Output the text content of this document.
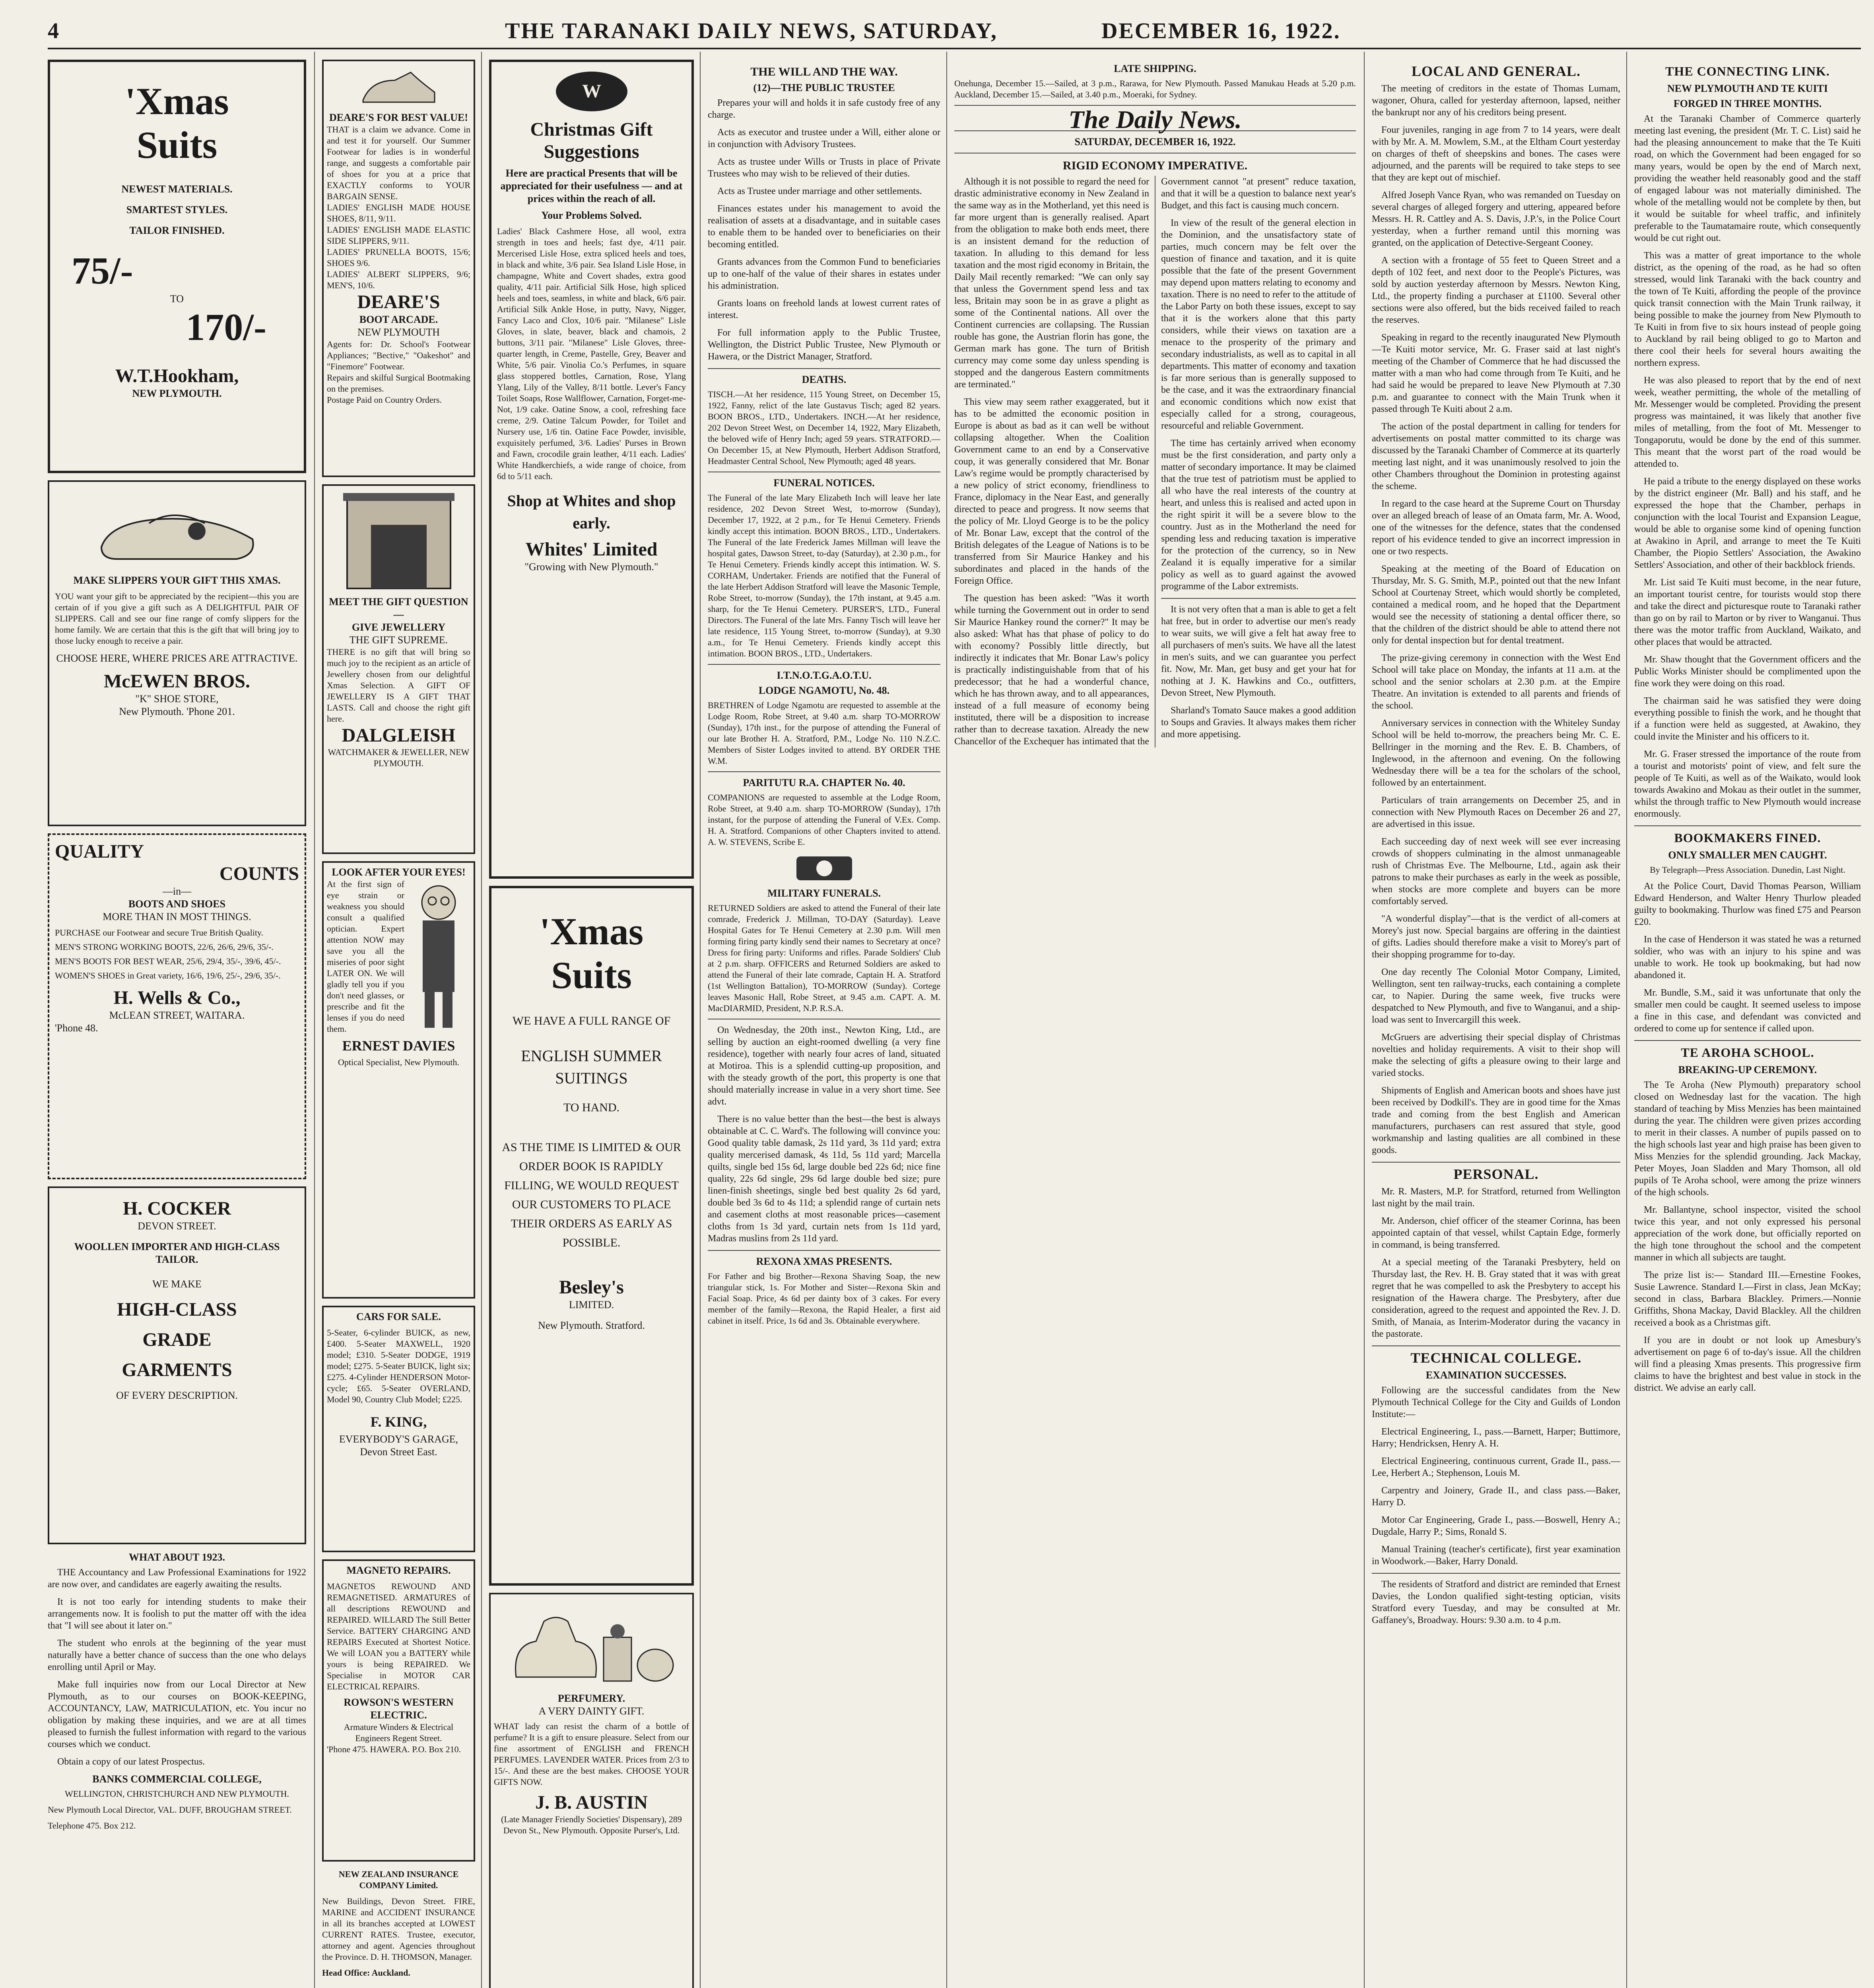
4	THE TARANAKI DAILY NEWS, SATURDAY,	DECEMBER 16, 1922.
'Xmas
Suits
NEWEST MATERIALS.
SMARTEST STYLES.
TAILOR FINISHED.
75/-
TO
170/-
W.T.Hookham,
NEW PLYMOUTH.
MAKE SLIPPERS YOUR GIFT THIS XMAS.
YOU want your gift to be appreciated by the recipient—this you are certain of if you give a gift such as A DELIGHTFUL PAIR OF SLIPPERS. Call and see our fine range of comfy slippers for the home family. We are certain that this is the gift that will bring joy to those lucky enough to receive a pair.
CHOOSE HERE, WHERE PRICES ARE ATTRACTIVE.
McEWEN BROS.
"K" SHOE STORE,
New Plymouth. 'Phone 201.
QUALITY
COUNTS
—in—
BOOTS AND SHOES
MORE THAN IN MOST THINGS.
PURCHASE our Footwear and secure True British Quality.
MEN'S STRONG WORKING BOOTS, 22/6, 26/6, 29/6, 35/-.
MEN'S BOOTS FOR BEST WEAR, 25/6, 29/4, 35/-, 39/6, 45/-.
WOMEN'S SHOES in Great variety, 16/6, 19/6, 25/-, 29/6, 35/-.
H. Wells & Co.,
McLEAN STREET, WAITARA.
'Phone 48.
H. COCKER
DEVON STREET.
WOOLLEN IMPORTER AND HIGH-CLASS TAILOR.
WE MAKE
HIGH-CLASS
GRADE
GARMENTS
OF EVERY DESCRIPTION.
WHAT ABOUT 1923.

THE Accountancy and Law Professional Examinations for 1922 are now over, and candidates are eagerly awaiting the results.

It is not too early for intending students to make their arrangements now. It is foolish to put the matter off with the idea that "I will see about it later on."

The student who enrols at the beginning of the year must naturally have a better chance of success than the one who delays enrolling until April or May.

Make full inquiries now from our Local Director at New Plymouth, as to our courses on BOOK-KEEPING, ACCOUNTANCY, LAW, MATRICULATION, etc. You incur no obligation by making these inquiries, and we are at all times pleased to furnish the fullest information with regard to the various courses which we conduct.

Obtain a copy of our latest Prospectus.

BANKS COMMERCIAL COLLEGE,
WELLINGTON, CHRISTCHURCH AND NEW PLYMOUTH.
New Plymouth Local Director, VAL. DUFF, BROUGHAM STREET.
Telephone 475. Box 212.
DEARE'S FOR BEST VALUE!
THAT is a claim we advance. Come in and test it for yourself. Our Summer Footwear for ladies is in wonderful range, and suggests a comfortable pair of shoes for you at a price that EXACTLY conforms to YOUR BARGAIN SENSE.
LADIES' ENGLISH MADE HOUSE SHOES, 8/11, 9/11.
LADIES' ENGLISH MADE ELASTIC SIDE SLIPPERS, 9/11.
LADIES' PRUNELLA BOOTS, 15/6; SHOES 9/6.
LADIES' ALBERT SLIPPERS, 9/6; MEN'S, 10/6.
DEARE'S
BOOT ARCADE.
NEW PLYMOUTH
Agents for: Dr. School's Footwear Appliances; "Bective," "Oakeshot" and "Finemore" Footwear.
Repairs and skilful Surgical Bootmaking on the premises.
Postage Paid on Country Orders.
MEET THE GIFT QUESTION—
GIVE JEWELLERY
THE GIFT SUPREME.
THERE is no gift that will bring so much joy to the recipient as an article of Jewellery chosen from our delightful Xmas Selection. A GIFT OF JEWELLERY IS A GIFT THAT LASTS. Call and choose the right gift here.
DALGLEISH
WATCHMAKER & JEWELLER, NEW PLYMOUTH.
LOOK AFTER YOUR EYES!
At the first sign of eye strain or weakness you should consult a qualified optician. Expert attention NOW may save you all the miseries of poor sight LATER ON. We will gladly tell you if you don't need glasses, or prescribe and fit the lenses if you do need them.
ERNEST DAVIES
Optical Specialist, New Plymouth.
CARS FOR SALE.
5-Seater, 6-cylinder BUICK, as new, £400. 5-Seater MAXWELL, 1920 model; £310. 5-Seater DODGE, 1919 model; £275. 5-Seater BUICK, light six; £275. 4-Cylinder HENDERSON Motor-cycle; £65. 5-Seater OVERLAND, Model 90, Country Club Model; £225.
F. KING,
EVERYBODY'S GARAGE,
Devon Street East.
MAGNETO REPAIRS.
MAGNETOS REWOUND AND REMAGNETISED. ARMATURES of all descriptions REWOUND and REPAIRED. WILLARD The Still Better Service. BATTERY CHARGING AND REPAIRS Executed at Shortest Notice. We will LOAN you a BATTERY while yours is being REPAIRED. We Specialise in MOTOR CAR ELECTRICAL REPAIRS.
ROWSON'S WESTERN ELECTRIC.
Armature Winders & Electrical Engineers Regent Street.
'Phone 475. HAWERA. P.O. Box 210.
NEW ZEALAND INSURANCE COMPANY Limited.
New Buildings, Devon Street. FIRE, MARINE and ACCIDENT INSURANCE in all its branches accepted at LOWEST CURRENT RATES. Trustee, executor, attorney and agent. Agencies throughout the Province. D. H. THOMSON, Manager.
Head Office: Auckland.
W
Christmas Gift Suggestions
Here are practical Presents that will be appreciated for their usefulness — and at prices within the reach of all.
Your Problems Solved.
Ladies' Black Cashmere Hose, all wool, extra strength in toes and heels; fast dye, 4/11 pair. Mercerised Lisle Hose, extra spliced heels and toes, in black and white, 3/6 pair. Sea Island Lisle Hose, in champagne, White and Covert shades, extra good quality, 4/11 pair. Artificial Silk Hose, high spliced heels and toes, seamless, in white and black, 6/6 pair. Artificial Silk Ankle Hose, in putty, Navy, Nigger, Fancy Laco and Clox, 10/6 pair. "Milanese" Lisle Gloves, in slate, beaver, black and chamois, 2 buttons, 3/11 pair. "Milanese" Lisle Gloves, three-quarter length, in Creme, Pastelle, Grey, Beaver and White, 5/6 pair. Vinolia Co.'s Perfumes, in square glass stoppered bottles, Carnation, Rose, Ylang Ylang, Lily of the Valley, 8/11 bottle. Lever's Fancy Toilet Soaps, Rose Wallflower, Carnation, Forget-me-Not, 1/9 cake. Oatine Snow, a cool, refreshing face creme, 2/9. Oatine Talcum Powder, for Toilet and Nursery use, 1/6 tin. Oatine Face Powder, invisible, exquisitely perfumed, 3/6. Ladies' Purses in Brown and Fawn, crocodile grain leather, 4/11 each. Ladies' White Handkerchiefs, a wide range of choice, from 6d to 5/11 each.
Shop at Whites and shop early.
Whites' Limited
"Growing with New Plymouth."
'Xmas
Suits
WE HAVE A FULL RANGE OF
ENGLISH SUMMER SUITINGS
TO HAND.
AS THE TIME IS LIMITED & OUR ORDER BOOK IS RAPIDLY FILLING, WE WOULD REQUEST OUR CUSTOMERS TO PLACE THEIR ORDERS AS EARLY AS POSSIBLE.
Besley's
LIMITED.
New Plymouth. Stratford.
PERFUMERY.
A VERY DAINTY GIFT.
WHAT lady can resist the charm of a bottle of perfume? It is a gift to ensure pleasure. Select from our fine assortment of ENGLISH and FRENCH PERFUMES. LAVENDER WATER. Prices from 2/3 to 15/-. And these are the best makes. CHOOSE YOUR GIFTS NOW.
J. B. AUSTIN
(Late Manager Friendly Societies' Dispensary), 289 Devon St., New Plymouth. Opposite Purser's, Ltd.
THE WILL AND THE WAY.
(12)—THE PUBLIC TRUSTEE

Prepares your will and holds it in safe custody free of any charge.

Acts as executor and trustee under a Will, either alone or in conjunction with Advisory Trustees.

Acts as trustee under Wills or Trusts in place of Private Trustees who may wish to be relieved of their duties.

Acts as Trustee under marriage and other settlements.

Finances estates under his management to avoid the realisation of assets at a disadvantage, and in suitable cases to enable them to be handed over to beneficiaries on their becoming entitled.

Grants advances from the Common Fund to beneficiaries up to one-half of the value of their shares in estates under his administration.

Grants loans on freehold lands at lowest current rates of interest.

For full information apply to the Public Trustee, Wellington, the District Public Trustee, New Plymouth or Hawera, or the District Manager, Stratford.

DEATHS.
TISCH.—At her residence, 115 Young Street, on December 15, 1922, Fanny, relict of the late Gustavus Tisch; aged 82 years. BOON BROS., LTD., Undertakers. INCH.—At her residence, 202 Devon Street West, on December 14, 1922, Mary Elizabeth, the beloved wife of Henry Inch; aged 59 years. STRATFORD.—On December 15, at New Plymouth, Herbert Addison Stratford, Headmaster Central School, New Plymouth; aged 48 years.
FUNERAL NOTICES.
The Funeral of the late Mary Elizabeth Inch will leave her late residence, 202 Devon Street West, to-morrow (Sunday), December 17, 1922, at 2 p.m., for Te Henui Cemetery. Friends kindly accept this intimation. BOON BROS., LTD., Undertakers. The Funeral of the late Frederick James Millman will leave the hospital gates, Dawson Street, to-day (Saturday), at 2.30 p.m., for Te Henui Cemetery. Friends kindly accept this intimation. W. S. CORHAM, Undertaker. Friends are notified that the Funeral of the late Herbert Addison Stratford will leave the Masonic Temple, Robe Street, to-morrow (Sunday), the 17th instant, at 9.45 a.m. sharp, for the Te Henui Cemetery. PURSER'S, LTD., Funeral Directors. The Funeral of the late Mrs. Fanny Tisch will leave her late residence, 115 Young Street, to-morrow (Sunday), at 9.30 a.m., for Te Henui Cemetery. Friends kindly accept this intimation. BOON BROS., LTD., Undertakers.
I.T.N.O.T.G.A.O.T.U.
LODGE NGAMOTU, No. 48.
BRETHREN of Lodge Ngamotu are requested to assemble at the Lodge Room, Robe Street, at 9.40 a.m. sharp TO-MORROW (Sunday), 17th inst., for the purpose of attending the Funeral of our late Brother H. A. Stratford, P.M., Lodge No. 110 N.Z.C. Members of Sister Lodges invited to attend. BY ORDER THE W.M.
PARITUTU R.A. CHAPTER No. 40.
COMPANIONS are requested to assemble at the Lodge Room, Robe Street, at 9.40 a.m. sharp TO-MORROW (Sunday), 17th instant, for the purpose of attending the Funeral of V.Ex. Comp. H. A. Stratford. Companions of other Chapters invited to attend. A. W. STEVENS, Scribe E.
MILITARY FUNERALS.
RETURNED Soldiers are asked to attend the Funeral of their late comrade, Frederick J. Millman, TO-DAY (Saturday). Leave Hospital Gates for Te Henui Cemetery at 2.30 p.m. Will men forming firing party kindly send their names to Secretary at once? Dress for firing party: Uniforms and rifles. Parade Soldiers' Club at 2 p.m. sharp. OFFICERS and Returned Soldiers are asked to attend the Funeral of their late comrade, Captain H. A. Stratford (1st Wellington Battalion), TO-MORROW (Sunday). Cortege leaves Masonic Hall, Robe Street, at 9.45 a.m. CAPT. A. M. MacDIARMID, President, N.P. R.S.A.

On Wednesday, the 20th inst., Newton King, Ltd., are selling by auction an eight-roomed dwelling (a very fine residence), together with nearly four acres of land, situated at Motiroa. This is a splendid cutting-up proposition, and with the steady growth of the port, this property is one that should materially increase in value in a very short time. See advt.

There is no value better than the best—the best is always obtainable at C. C. Ward's. The following will convince you: Good quality table damask, 2s 11d yard, 3s 11d yard; extra quality mercerised damask, 4s 11d, 5s 11d yard; Marcella quilts, single bed 15s 6d, large double bed 22s 6d; nice fine quality, 22s 6d single, 29s 6d large double bed size; pure linen-finish sheetings, single bed best quality 2s 6d yard, double bed 3s 6d to 4s 11d; a splendid range of curtain nets and casement cloths at most reasonable prices—casement cloths from 1s 3d yard, curtain nets from 1s 11d yard, Madras muslins from 2s 11d yard.

REXONA XMAS PRESENTS.
For Father and big Brother—Rexona Shaving Soap, the new triangular stick, 1s. For Mother and Sister—Rexona Skin and Facial Soap. Price, 4s 6d per dainty box of 3 cakes. For every member of the family—Rexona, the Rapid Healer, a first aid cabinet in itself. Price, 1s 6d and 3s. Obtainable everywhere.
LATE SHIPPING.
Onehunga, December 15.—Sailed, at 3 p.m., Rarawa, for New Plymouth. Passed Manukau Heads at 5.20 p.m. Auckland, December 15.—Sailed, at 3.40 p.m., Moeraki, for Sydney.
The Daily News.
SATURDAY, DECEMBER 16, 1922.
RIGID ECONOMY IMPERATIVE.

Although it is not possible to regard the need for drastic administrative economy in New Zealand in the same way as in the Motherland, yet this need is far more urgent than is generally realised. Apart from the obligation to make both ends meet, there is an insistent demand for the reduction of taxation. In alluding to this demand for less taxation and the most rigid economy in Britain, the Daily Mail recently remarked: "We can only say that unless the Government spend less and tax less, Britain may soon be in as grave a plight as some of the Continental nations. All over the Continent currencies are collapsing. The Russian rouble has gone, the Austrian florin has gone, the German mark has gone. The turn of British currency may come some day unless spending is stopped and the dangerous Eastern commitments are terminated."

This view may seem rather exaggerated, but it has to be admitted the economic position in Europe is about as bad as it can well be without collapsing altogether. When the Coalition Government came to an end by a Conservative coup, it was generally considered that Mr. Bonar Law's regime would be promptly characterised by a new policy of strict economy, friendliness to France, diplomacy in the Near East, and generally directed to peace and progress. It now seems that the policy of Mr. Lloyd George is to be the policy of Mr. Bonar Law, except that the control of the British delegates of the League of Nations is to be transferred from Sir Maurice Hankey and his subordinates and placed in the hands of the Foreign Office.

The question has been asked: "Was it worth while turning the Government out in order to send Sir Maurice Hankey round the corner?" It may be also asked: What has that phase of policy to do with economy? Possibly little directly, but indirectly it indicates that Mr. Bonar Law's policy is practically indistinguishable from that of his predecessor; that he had a wonderful chance, which he has thrown away, and to all appearances, instead of a full measure of economy being instituted, there will be a disposition to increase rather than to decrease taxation. Already the new Chancellor of the Exchequer has intimated that the Government cannot "at present" reduce taxation, and that it will be a question to balance next year's Budget, and this fact is causing much concern.

In view of the result of the general election in the Dominion, and the unsatisfactory state of parties, much concern may be felt over the question of finance and taxation, and it is quite possible that the fate of the present Government may depend upon matters relating to economy and taxation. There is no need to refer to the attitude of the Labor Party on both these issues, except to say that it is the workers alone that this party considers, while their views on taxation are a menace to the prosperity of the primary and secondary industrialists, as well as to capital in all departments. This matter of economy and taxation is far more serious than is generally supposed to be the case, and it was the extraordinary financial and economic conditions which now exist that especially called for a strong, courageous, resourceful and reliable Government.

The time has certainly arrived when economy must be the first consideration, and party only a matter of secondary importance. It may be claimed that the true test of patriotism must be applied to all who have the real interests of the country at heart, and unless this is realised and acted upon in the right spirit it will be a severe blow to the country. Just as in the Motherland the need for spending less and reducing taxation is imperative for the protection of the currency, so in New Zealand it is equally imperative for a similar policy as well as to guard against the avowed programme of the Labor extremists.

It is not very often that a man is able to get a felt hat free, but in order to advertise our men's ready to wear suits, we will give a felt hat away free to all purchasers of men's suits. We have all the latest in men's suits, and we can guarantee you perfect fit. Now, Mr. Man, get busy and get your hat for nothing at J. K. Hawkins and Co., outfitters, Devon Street, New Plymouth.

Sharland's Tomato Sauce makes a good addition to Soups and Gravies. It always makes them richer and more appetising.

LOCAL AND GENERAL.

The meeting of creditors in the estate of Thomas Lumam, wagoner, Ohura, called for yesterday afternoon, lapsed, neither the bankrupt nor any of his creditors being present.

Four juveniles, ranging in age from 7 to 14 years, were dealt with by Mr. A. M. Mowlem, S.M., at the Eltham Court yesterday on charges of theft of sheepskins and bones. The cases were adjourned, and the parents will be required to take steps to see that they are kept out of mischief.

Alfred Joseph Vance Ryan, who was remanded on Tuesday on several charges of alleged forgery and uttering, appeared before Messrs. H. R. Cattley and A. S. Davis, J.P.'s, in the Police Court yesterday, when a further remand until this morning was granted, on the application of Detective-Sergeant Cooney.

A section with a frontage of 55 feet to Queen Street and a depth of 102 feet, and next door to the People's Pictures, was sold by auction yesterday afternoon by Messrs. Newton King, Ltd., the property finding a purchaser at £1100. Several other sections were also offered, but the bids received failed to reach the reserves.

Speaking in regard to the recently inaugurated New Plymouth—Te Kuiti motor service, Mr. G. Fraser said at last night's meeting of the Chamber of Commerce that he had discussed the matter with a man who had come through from Te Kuiti, and he had said he would be prepared to leave New Plymouth at 7.30 p.m. and guarantee to connect with the Main Trunk when it passed through Te Kuiti about 2 a.m.

The action of the postal department in calling for tenders for advertisements on postal matter committed to its charge was discussed by the Taranaki Chamber of Commerce at its quarterly meeting last night, and it was unanimously resolved to join the other Chambers throughout the Dominion in protesting against the scheme.

In regard to the case heard at the Supreme Court on Thursday over an alleged breach of lease of an Omata farm, Mr. A. Wood, one of the witnesses for the defence, states that the condensed report of his evidence tended to give an incorrect impression in one or two respects.

Speaking at the meeting of the Board of Education on Thursday, Mr. S. G. Smith, M.P., pointed out that the new Infant School at Courtenay Street, which would shortly be completed, contained a medical room, and he hoped that the Department would see the necessity of stationing a dental officer there, so that the children of the district should be able to attend there not only for dental inspection but for dental treatment.

The prize-giving ceremony in connection with the West End School will take place on Monday, the infants at 11 a.m. at the school and the senior scholars at 2.30 p.m. at the Empire Theatre. An invitation is extended to all parents and friends of the school.

Anniversary services in connection with the Whiteley Sunday School will be held to-morrow, the preachers being Mr. C. E. Bellringer in the morning and the Rev. E. B. Chambers, of Inglewood, in the afternoon and evening. On the following Wednesday there will be a tea for the scholars of the school, followed by an entertainment.

Particulars of train arrangements on December 25, and in connection with New Plymouth Races on December 26 and 27, are advertised in this issue.

Each succeeding day of next week will see ever increasing crowds of shoppers culminating in the almost unmanageable rush of Christmas Eve. The Melbourne, Ltd., again ask their patrons to make their purchases as early in the week as possible, when stocks are more complete and buyers can be more comfortably served.

"A wonderful display"—that is the verdict of all-comers at Morey's just now. Special bargains are offering in the daintiest of gifts. Ladies should therefore make a visit to Morey's part of their shopping programme for to-day.

One day recently The Colonial Motor Company, Limited, Wellington, sent ten railway-trucks, each containing a complete car, to Napier. During the same week, five trucks were despatched to New Plymouth, and five to Wanganui, and a ship-load was sent to Invercargill this week.

McGruers are advertising their special display of Christmas novelties and holiday requirements. A visit to their shop will make the selecting of gifts a pleasure owing to their large and varied stocks.

Shipments of English and American boots and shoes have just been received by Dodkill's. They are in good time for the Xmas trade and coming from the best English and American manufacturers, purchasers can rest assured that style, good workmanship and lasting qualities are all combined in these goods.

PERSONAL.

Mr. R. Masters, M.P. for Stratford, returned from Wellington last night by the mail train.

Mr. Anderson, chief officer of the steamer Corinna, has been appointed captain of that vessel, whilst Captain Edge, formerly in command, is being transferred.

At a special meeting of the Taranaki Presbytery, held on Thursday last, the Rev. H. B. Gray stated that it was with great regret that he was compelled to ask the Presbytery to accept his resignation of the Hawera charge. The Presbytery, after due consideration, agreed to the request and appointed the Rev. J. D. Smith, of Manaia, as Interim-Moderator during the vacancy in the pastorate.

TECHNICAL COLLEGE.
EXAMINATION SUCCESSES.

Following are the successful candidates from the New Plymouth Technical College for the City and Guilds of London Institute:—

Electrical Engineering, I., pass.—Barnett, Harper; Buttimore, Harry; Hendricksen, Henry A. H.

Electrical Engineering, continuous current, Grade II., pass.—Lee, Herbert A.; Stephenson, Louis M.

Carpentry and Joinery, Grade II., and class pass.—Baker, Harry D.

Motor Car Engineering, Grade I., pass.—Boswell, Henry A.; Dugdale, Harry P.; Sims, Ronald S.

Manual Training (teacher's certificate), first year examination in Woodwork.—Baker, Harry Donald.

The residents of Stratford and district are reminded that Ernest Davies, the London qualified sight-testing optician, visits Stratford every Tuesday, and may be consulted at Mr. Gaffaney's, Broadway. Hours: 9.30 a.m. to 4 p.m.

THE CONNECTING LINK.
NEW PLYMOUTH AND TE KUITI
FORGED IN THREE MONTHS.

At the Taranaki Chamber of Commerce quarterly meeting last evening, the president (Mr. T. C. List) said he had the pleasing announcement to make that the Te Kuiti road, on which the Government had been engaged for so many years, would be open by the end of March next, providing the weather held reasonably good and the staff of engaged labour was not materially diminished. The whole of the metalling would not be complete by then, but it would be suitable for wheel traffic, and infinitely preferable to the Taumatamaire route, which consequently would be cut right out.

This was a matter of great importance to the whole district, as the opening of the road, as he had so often stressed, would link Taranaki with the back country and the town of Te Kuiti, affording the people of the province quick transit connection with the Main Trunk railway, it being possible to make the journey from New Plymouth to Te Kuiti in from five to six hours instead of people going to Auckland by rail being obliged to go to Marton and there cool their heels for several hours awaiting the northern express.

He was also pleased to report that by the end of next week, weather permitting, the whole of the metalling of Mr. Messenger would be completed. Providing the present progress was maintained, it was likely that another five miles of metalling, from the foot of Mt. Messenger to Tongaporutu, would be done by the end of this summer. This meant that the worst part of the road would be attended to.

He paid a tribute to the energy displayed on these works by the district engineer (Mr. Ball) and his staff, and he expressed the hope that the Chamber, perhaps in conjunction with the local Tourist and Expansion League, would be able to organise some kind of opening function at Awakino in April, and arrange to meet the Te Kuiti Chamber, the Piopio Settlers' Association, the Awakino Settlers' Association, and other of their backblock friends.

Mr. List said Te Kuiti must become, in the near future, an important tourist centre, for tourists would stop there and take the direct and picturesque route to Taranaki rather than go on by rail to Marton or by river to Wanganui. Thus there was the motor traffic from Auckland, Waikato, and other places that would be attracted.

Mr. Shaw thought that the Government officers and the Public Works Minister should be complimented upon the fine work they were doing on this road.

The chairman said he was satisfied they were doing everything possible to finish the work, and he thought that if a function were held as suggested, at Awakino, they could invite the Minister and his officers to it.

Mr. G. Fraser stressed the importance of the route from a tourist and motorists' point of view, and felt sure the people of Te Kuiti, as well as of the Waikato, would look towards Awakino and Mokau as their outlet in the summer, whilst the through traffic to New Plymouth would increase enormously.

BOOKMAKERS FINED.
ONLY SMALLER MEN CAUGHT.
By Telegraph—Press Association. Dunedin, Last Night.

At the Police Court, David Thomas Pearson, William Edward Henderson, and Walter Henry Thurlow pleaded guilty to bookmaking. Thurlow was fined £75 and Pearson £20.

In the case of Henderson it was stated he was a returned soldier, who was with an injury to his spine and was unable to work. He took up bookmaking, but had now abandoned it.

Mr. Bundle, S.M., said it was unfortunate that only the smaller men could be caught. It seemed useless to impose a fine in this case, and defendant was convicted and ordered to come up for sentence if called upon.

TE AROHA SCHOOL.
BREAKING-UP CEREMONY.

The Te Aroha (New Plymouth) preparatory school closed on Wednesday last for the vacation. The high standard of teaching by Miss Menzies has been maintained during the year. The children were given prizes according to merit in their classes. A number of pupils passed on to the high schools last year and high praise has been given to Miss Menzies for the splendid grounding. Jack Mackay, Peter Moyes, Joan Sladden and Mary Thomson, all old pupils of Te Aroha school, were among the prize winners of the high schools.

Mr. Ballantyne, school inspector, visited the school twice this year, and not only expressed his personal appreciation of the work done, but officially reported on the high tone throughout the school and the competent manner in which all subjects are taught.

The prize list is:— Standard III.—Ernestine Fookes, Susie Lawrence. Standard I.—First in class, Jean McKay; second in class, Barbara Blackley. Primers.—Nonnie Griffiths, Shona Mackay, David Blackley. All the children received a book as a Christmas gift.

If you are in doubt or not look up Amesbury's advertisement on page 6 of to-day's issue. All the children will find a pleasing Xmas presents. This progressive firm claims to have the brightest and best value in stock in the district. We advise an early call.
